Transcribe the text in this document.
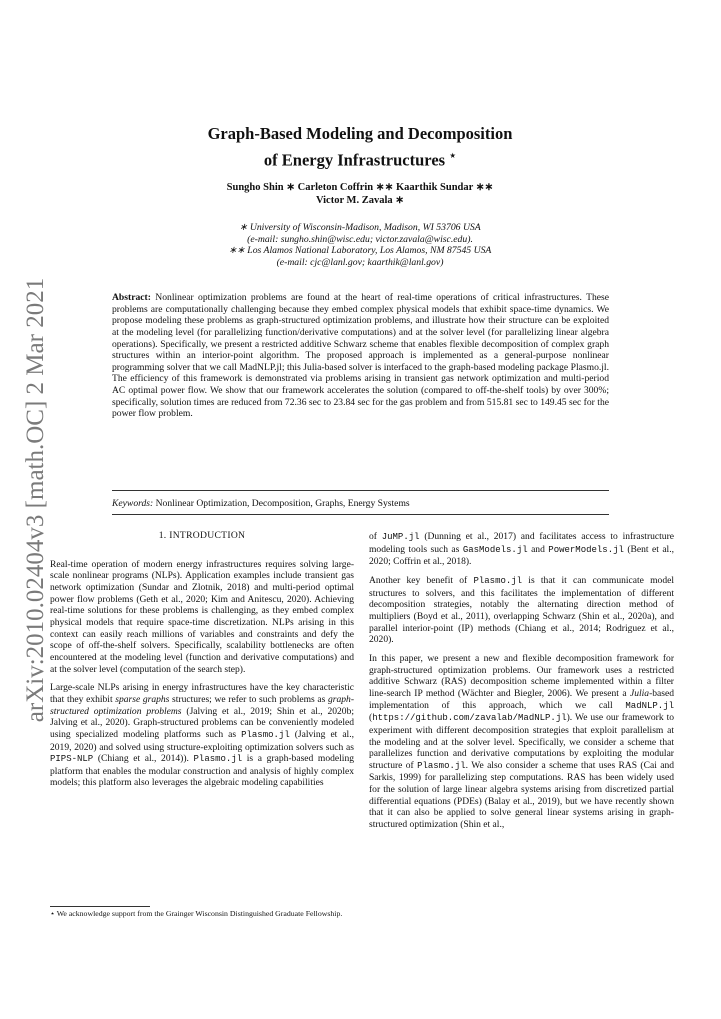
arXiv:2010.02404v3 [math.OC] 2 Mar 2021
Graph-Based Modeling and Decomposition
of Energy Infrastructures ⋆
Sungho Shin ∗ Carleton Coffrin ∗∗ Kaarthik Sundar ∗∗
Victor M. Zavala ∗
∗ University of Wisconsin-Madison, Madison, WI 53706 USA
(e-mail: sungho.shin@wisc.edu; victor.zavala@wisc.edu).
∗∗ Los Alamos National Laboratory, Los Alamos, NM 87545 USA
(e-mail: cjc@lanl.gov; kaarthik@lanl.gov)
Abstract: Nonlinear optimization problems are found at the heart of real-time operations of critical infrastructures. These problems are computationally challenging because they embed complex physical models that exhibit space-time dynamics. We propose modeling these problems as graph-structured optimization problems, and illustrate how their structure can be exploited at the modeling level (for parallelizing function/derivative computations) and at the solver level (for parallelizing linear algebra operations). Specifically, we present a restricted additive Schwarz scheme that enables flexible decomposition of complex graph structures within an interior-point algorithm. The proposed approach is implemented as a general-purpose nonlinear programming solver that we call MadNLP.jl; this Julia-based solver is interfaced to the graph-based modeling package Plasmo.jl. The efficiency of this framework is demonstrated via problems arising in transient gas network optimization and multi-period AC optimal power flow. We show that our framework accelerates the solution (compared to off-the-shelf tools) by over 300%; specifically, solution times are reduced from 72.36 sec to 23.84 sec for the gas problem and from 515.81 sec to 149.45 sec for the power flow problem.
Keywords: Nonlinear Optimization, Decomposition, Graphs, Energy Systems

1. INTRODUCTION

Real-time operation of modern energy infrastructures requires solving large-scale nonlinear programs (NLPs). Application examples include transient gas network optimization (Sundar and Zlotnik, 2018) and multi-period optimal power flow problems (Geth et al., 2020; Kim and Anitescu, 2020). Achieving real-time solutions for these problems is challenging, as they embed complex physical models that require space-time discretization. NLPs arising in this context can easily reach millions of variables and constraints and defy the scope of off-the-shelf solvers. Specifically, scalability bottlenecks are often encountered at the modeling level (function and derivative computations) and at the solver level (computation of the search step).

Large-scale NLPs arising in energy infrastructures have the key characteristic that they exhibit sparse graphs structures; we refer to such problems as graph-structured optimization problems (Jalving et al., 2019; Shin et al., 2020b; Jalving et al., 2020). Graph-structured problems can be conveniently modeled using specialized modeling platforms such as Plasmo.jl (Jalving et al., 2019, 2020) and solved using structure-exploiting optimization solvers such as PIPS-NLP (Chiang et al., 2014)). Plasmo.jl is a graph-based modeling platform that enables the modular construction and analysis of highly complex models; this platform also leverages the algebraic modeling capabilities

⋆ We acknowledge support from the Grainger Wisconsin Distinguished Graduate Fellowship.

of JuMP.jl (Dunning et al., 2017) and facilitates access to infrastructure modeling tools such as GasModels.jl and PowerModels.jl (Bent et al., 2020; Coffrin et al., 2018).

Another key benefit of Plasmo.jl is that it can communicate model structures to solvers, and this facilitates the implementation of different decomposition strategies, notably the alternating direction method of multipliers (Boyd et al., 2011), overlapping Schwarz (Shin et al., 2020a), and parallel interior-point (IP) methods (Chiang et al., 2014; Rodriguez et al., 2020).

In this paper, we present a new and flexible decomposition framework for graph-structured optimization problems. Our framework uses a restricted additive Schwarz (RAS) decomposition scheme implemented within a filter line-search IP method (Wächter and Biegler, 2006). We present a Julia-based implementation of this approach, which we call MadNLP.jl (https://github.com/zavalab/MadNLP.jl). We use our framework to experiment with different decomposition strategies that exploit parallelism at the modeling and at the solver level. Specifically, we consider a scheme that parallelizes function and derivative computations by exploiting the modular structure of Plasmo.jl. We also consider a scheme that uses RAS (Cai and Sarkis, 1999) for parallelizing step computations. RAS has been widely used for the solution of large linear algebra systems arising from discretized partial differential equations (PDEs) (Balay et al., 2019), but we have recently shown that it can also be applied to solve general linear systems arising in graph-structured optimization (Shin et al.,
